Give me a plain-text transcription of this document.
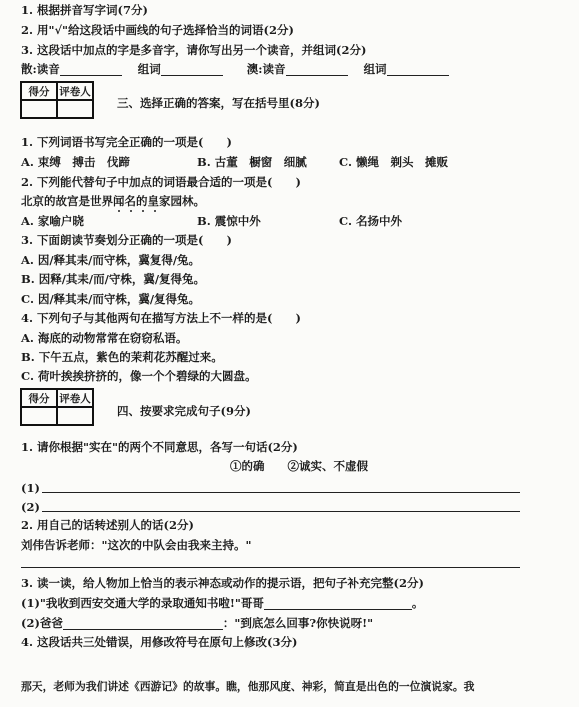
1. 根据拼音写字词(7分)
2. 用"√"给这段话中画线的句子选择恰当的词语(2分)
3. 这段话中加点的字是多音字，请你写出另一个读音，并组词(2分)
散:读音	组词	澳:读音	组词
得分 评卷人
三、选择正确的答案，写在括号里(8分)
1. 下列词语书写完全正确的一项是(　　)
A. 束缚　搏击　伐蹄	B. 古董　橱窗　细腻	C. 懒绳　剃头　摊贩
2. 下列能代替句子中加点的词语最合适的一项是(　　)
北京的故宫是世界闻名的皇家园林。
A. 家喻户晓	B. 震惊中外	C. 名扬中外
3. 下面朗读节奏划分正确的一项是(　　)
A. 因/释其耒/而守株，冀复得/兔。
B. 因释/其耒/而/守株，冀/复得兔。
C. 因/释其耒/而守株，冀/复得兔。
4. 下列句子与其他两句在描写方法上不一样的是(　　)
A. 海底的动物常常在窃窃私语。
B. 下午五点，紫色的茉莉花苏醒过来。
C. 荷叶挨挨挤挤的，像一个个碧绿的大圆盘。
得分 评卷人
四、按要求完成句子(9分)
1. 请你根据"实在"的两个不同意思，各写一句话(2分)
①的确　　②诚实、不虚假
(1)
(2)
2. 用自己的话转述别人的话(2分)
刘伟告诉老师："这次的中队会由我来主持。"
3. 读一读，给人物加上恰当的表示神态或动作的提示语，把句子补充完整(2分)
(1)"我收到西安交通大学的录取通知书啦!"哥哥	。
(2)爸爸	："到底怎么回事?你快说呀!"
4. 这段话共三处错误，用修改符号在原句上修改(3分)
那天，老师为我们讲述《西游记》的故事。瞧，他那风度、神彩，简直是出色的一位演说家。我
